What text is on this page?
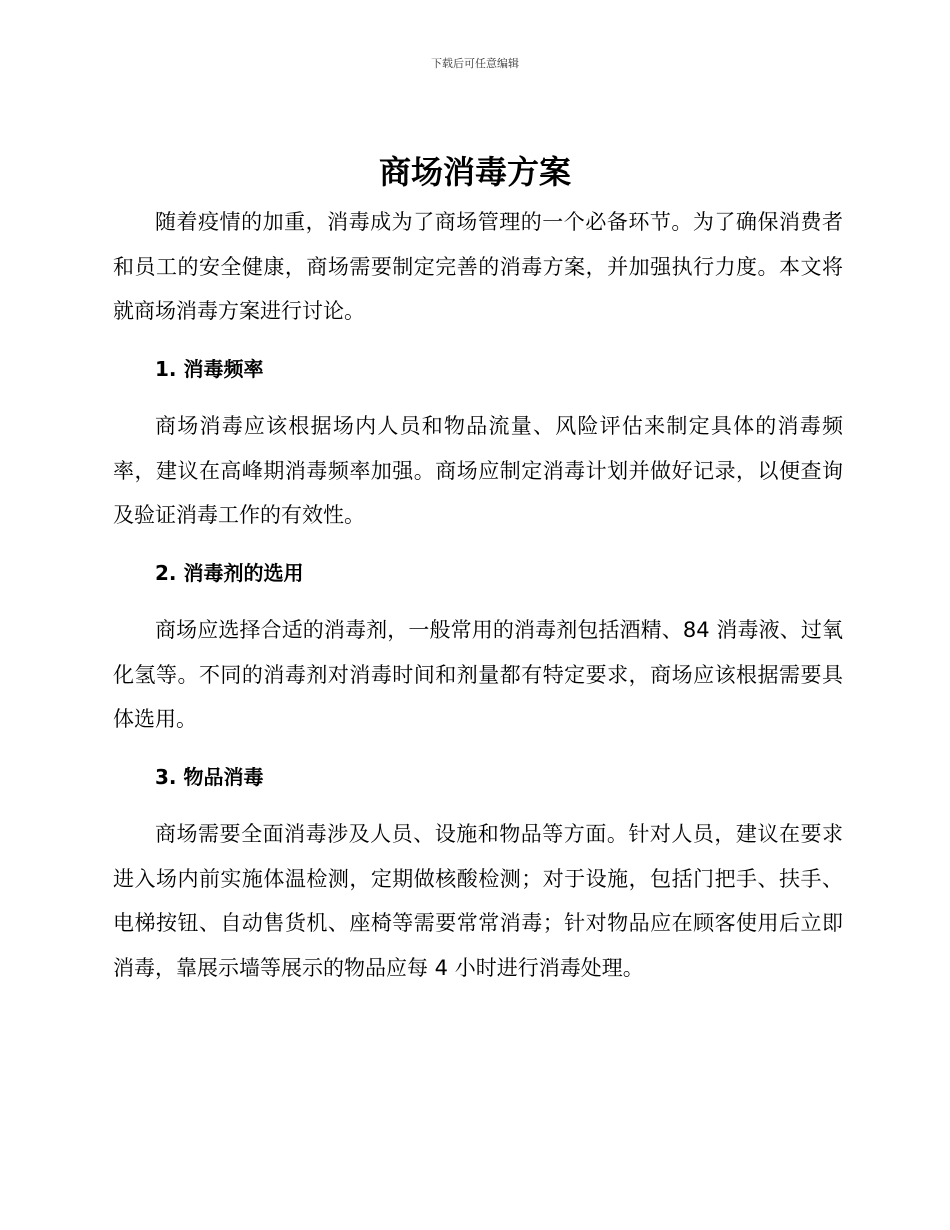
下载后可任意编辑
商场消毒方案

随着疫情的加重，消毒成为了商场管理的一个必备环节。为了确保消费者和员工的安全健康，商场需要制定完善的消毒方案，并加强执行力度。本文将就商场消毒方案进行讨论。

1. 消毒频率

商场消毒应该根据场内人员和物品流量、风险评估来制定具体的消毒频率，建议在高峰期消毒频率加强。商场应制定消毒计划并做好记录，以便查询及验证消毒工作的有效性。

2. 消毒剂的选用

商场应选择合适的消毒剂，一般常用的消毒剂包括酒精、84 消毒液、过氧化氢等。不同的消毒剂对消毒时间和剂量都有特定要求，商场应该根据需要具体选用。

3. 物品消毒

商场需要全面消毒涉及人员、设施和物品等方面。针对人员，建议在要求进入场内前实施体温检测，定期做核酸检测；对于设施，包括门把手、扶手、电梯按钮、自动售货机、座椅等需要常常消毒；针对物品应在顾客使用后立即消毒，靠展示墙等展示的物品应每 4 小时进行消毒处理。
